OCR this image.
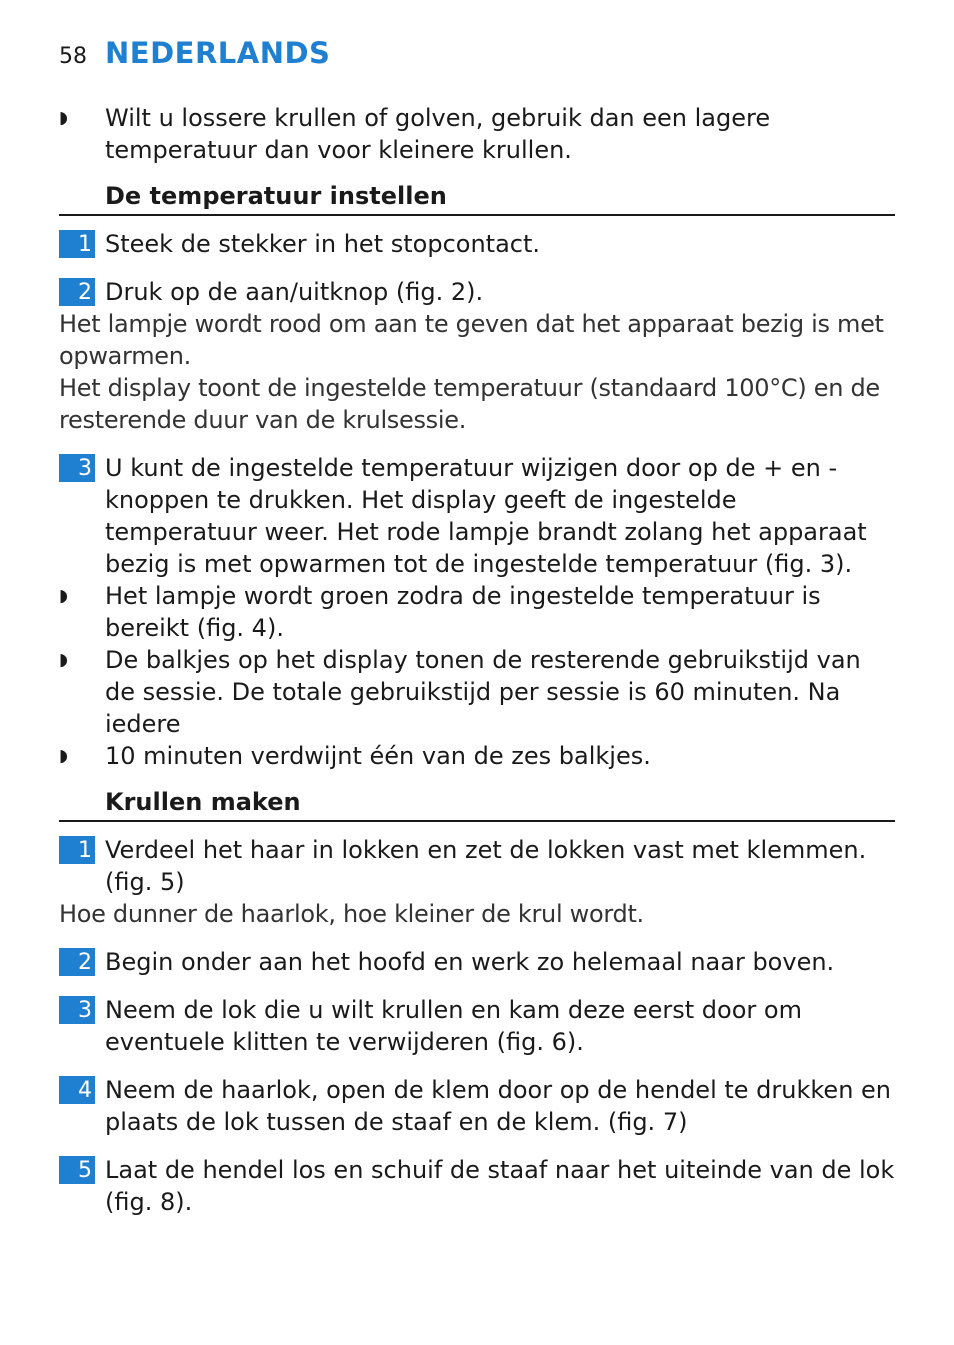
58 NEDERLANDS
◗	Wilt u lossere krullen of golven, gebruik dan een lagere temperatuur dan voor kleinere krullen.
De temperatuur instellen
1 Steek de stekker in het stopcontact.
2 Druk op de aan/uitknop (fig. 2).
Het lampje wordt rood om aan te geven dat het apparaat bezig is met opwarmen.
Het display toont de ingestelde temperatuur (standaard 100°C) en de resterende duur van de krulsessie.
3 U kunt de ingestelde temperatuur wijzigen door op de + en - knoppen te drukken. Het display geeft de ingestelde temperatuur weer. Het rode lampje brandt zolang het apparaat bezig is met opwarmen tot de ingestelde temperatuur (fig. 3).
◗	Het lampje wordt groen zodra de ingestelde temperatuur is bereikt (fig. 4).
◗	De balkjes op het display tonen de resterende gebruikstijd van de sessie. De totale gebruikstijd per sessie is 60 minuten. Na iedere
◗	10 minuten verdwijnt één van de zes balkjes.
Krullen maken
1 Verdeel het haar in lokken en zet de lokken vast met klemmen. (fig. 5)
Hoe dunner de haarlok, hoe kleiner de krul wordt.
2 Begin onder aan het hoofd en werk zo helemaal naar boven.
3 Neem de lok die u wilt krullen en kam deze eerst door om eventuele klitten te verwijderen (fig. 6).
4 Neem de haarlok, open de klem door op de hendel te drukken en plaats de lok tussen de staaf en de klem. (fig. 7)
5 Laat de hendel los en schuif de staaf naar het uiteinde van de lok (fig. 8).
